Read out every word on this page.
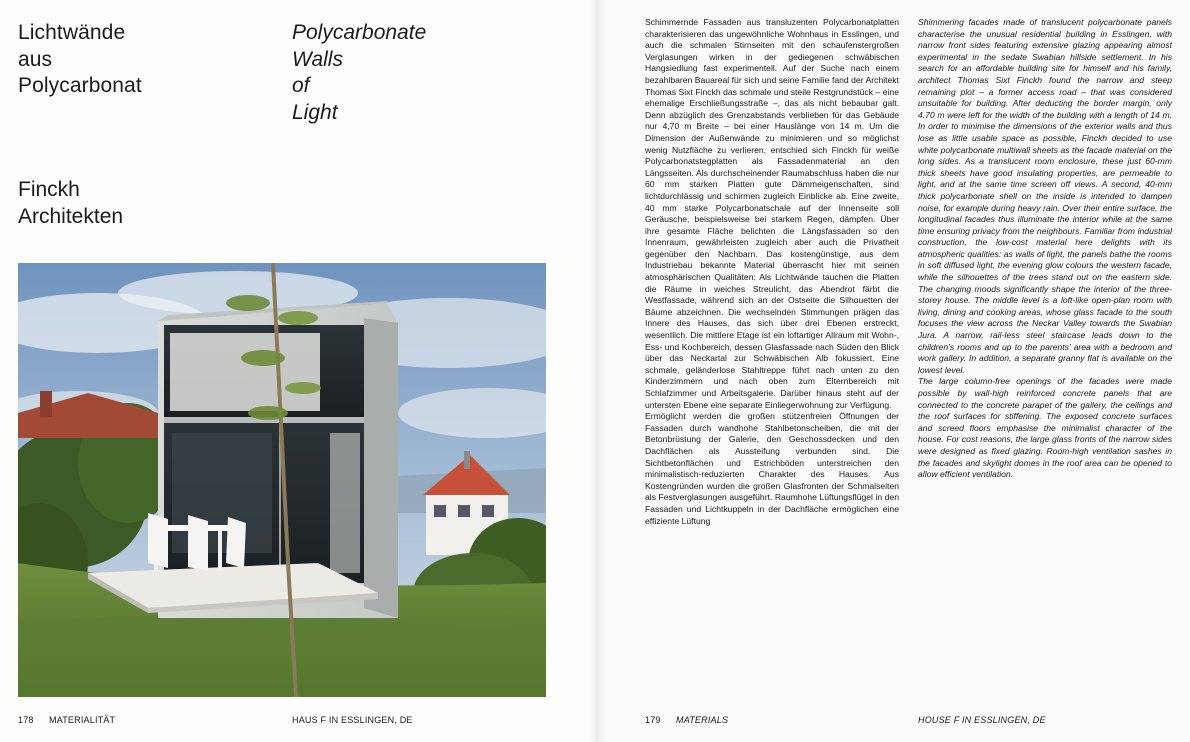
Lichtwände
aus
Polycarbonat
Polycarbonate
Walls
of
Light
Finckh
Architekten
178 MATERIALITÄT	HAUS F IN ESSLINGEN, DE

Schimmernde Fassaden aus transluzenten Polycarbonatplatten charakterisieren das ungewöhnliche Wohnhaus in Esslingen, und auch die schmalen Stirnseiten mit den schaufenstergroßen Verglasungen wirken in der gediegenen schwäbischen Hangsiedlung fast experimentell. Auf der Suche nach einem bezahlbaren Bauareal für sich und seine Familie fand der Architekt Thomas Sixt Finckh das schmale und steile Restgrundstück – eine ehemalige Erschließungsstraße –, das als nicht bebaubar galt. Denn abzüglich des Grenzabstands verblieben für das Gebäude nur 4,70 m Breite – bei einer Hauslänge von 14 m. Um die Dimension der Außenwände zu minimieren und so möglichst wenig Nutzfläche zu verlieren, entschied sich Finckh für weiße Polycarbonatstegplatten als Fassadenmaterial an den Längsseiten. Als durchscheinender Raumabschluss haben die nur 60 mm starken Platten gute Dämmeigenschaften, sind lichtdurchlässig und schirmen zugleich Einblicke ab. Eine zweite, 40 mm starke Polycarbonatschale auf der Innenseite soll Geräusche, beispielsweise bei starkem Regen, dämpfen. Über ihre gesamte Fläche belichten die Längsfassaden so den Innenraum, gewährleisten zugleich aber auch die Privatheit gegenüber den Nachbarn. Das kostengünstige, aus dem Industriebau bekannte Material überrascht hier mit seinen atmosphärischen Qualitäten: Als Lichtwände tauchen die Platten die Räume in weiches Streulicht, das Abendrot färbt die Westfassade, während sich an der Ostseite die Silhouetten der Bäume abzeichnen. Die wechselnden Stimmungen prägen das Innere des Hauses, das sich über drei Ebenen erstreckt, wesentlich. Die mittlere Etage ist ein loftartiger Allraum mit Wohn-, Ess- und Kochbereich, dessen Glasfassade nach Süden den Blick über das Neckartal zur Schwäbischen Alb fokussiert. Eine schmale, geländerlose Stahltreppe führt nach unten zu den Kinderzimmern und nach oben zum Elternbereich mit Schlafzimmer und Arbeitsgalerie. Darüber hinaus steht auf der untersten Ebene eine separate Einliegerwohnung zur Verfügung.

Ermöglicht werden die großen stützenfreien Öffnungen der Fassaden durch wandhohe Stahlbetonscheiben, die mit der Betonbrüstung der Galerie, den Geschossdecken und den Dachflächen als Aussteifung verbunden sind. Die Sichtbetonflächen und Estrichböden unterstreichen den minimalistisch-reduzierten Charakter des Hauses. Aus Kostengründen wurden die großen Glasfronten der Schmalseiten als Festverglasungen ausgeführt. Raumhohe Lüftungsflügel in den Fassaden und Lichtkuppeln in der Dachfläche ermöglichen eine effiziente Lüftung

Shimmering facades made of translucent polycarbonate panels characterise the unusual residential building in Esslingen, with narrow front sides featuring extensive glazing appearing almost experimental in the sedate Swabian hillside settlement. In his search for an affordable building site for himself and his family, architect Thomas Sixt Finckh found the narrow and steep remaining plot – a former access road – that was considered unsuitable for building. After deducting the border margin, only 4.70 m were left for the width of the building with a length of 14 m. In order to minimise the dimensions of the exterior walls and thus lose as little usable space as possible, Finckh decided to use white polycarbonate multiwall sheets as the facade material on the long sides. As a translucent room enclosure, these just 60-mm thick sheets have good insulating properties, are permeable to light, and at the same time screen off views. A second, 40-mm thick polycarbonate shell on the inside is intended to dampen noise, for example during heavy rain. Over their entire surface, the longitudinal facades thus illuminate the interior while at the same time ensuring privacy from the neighbours. Familiar from industrial construction, the low-cost material here delights with its atmospheric qualities: as walls of light, the panels bathe the rooms in soft diffused light, the evening glow colours the western facade, while the silhouettes of the trees stand out on the eastern side. The changing moods significantly shape the interior of the three-storey house. The middle level is a loft-like open-plan room with living, dining and cooking areas, whose glass facade to the south focuses the view across the Neckar Valley towards the Swabian Jura. A narrow, rail-less steel staircase leads down to the children’s rooms and up to the parents’ area with a bedroom and work gallery. In addition, a separate granny flat is available on the lowest level.

The large column-free openings of the facades were made possible by wall-high reinforced concrete panels that are connected to the concrete parapet of the gallery, the ceilings and the roof surfaces for stiffening. The exposed concrete surfaces and screed floors emphasise the minimalist character of the house. For cost reasons, the large glass fronts of the narrow sides were designed as fixed glazing. Room-high ventilation sashes in the facades and skylight domes in the roof area can be opened to allow efficient ventilation.

179 MATERIALS	HOUSE F IN ESSLINGEN, DE
